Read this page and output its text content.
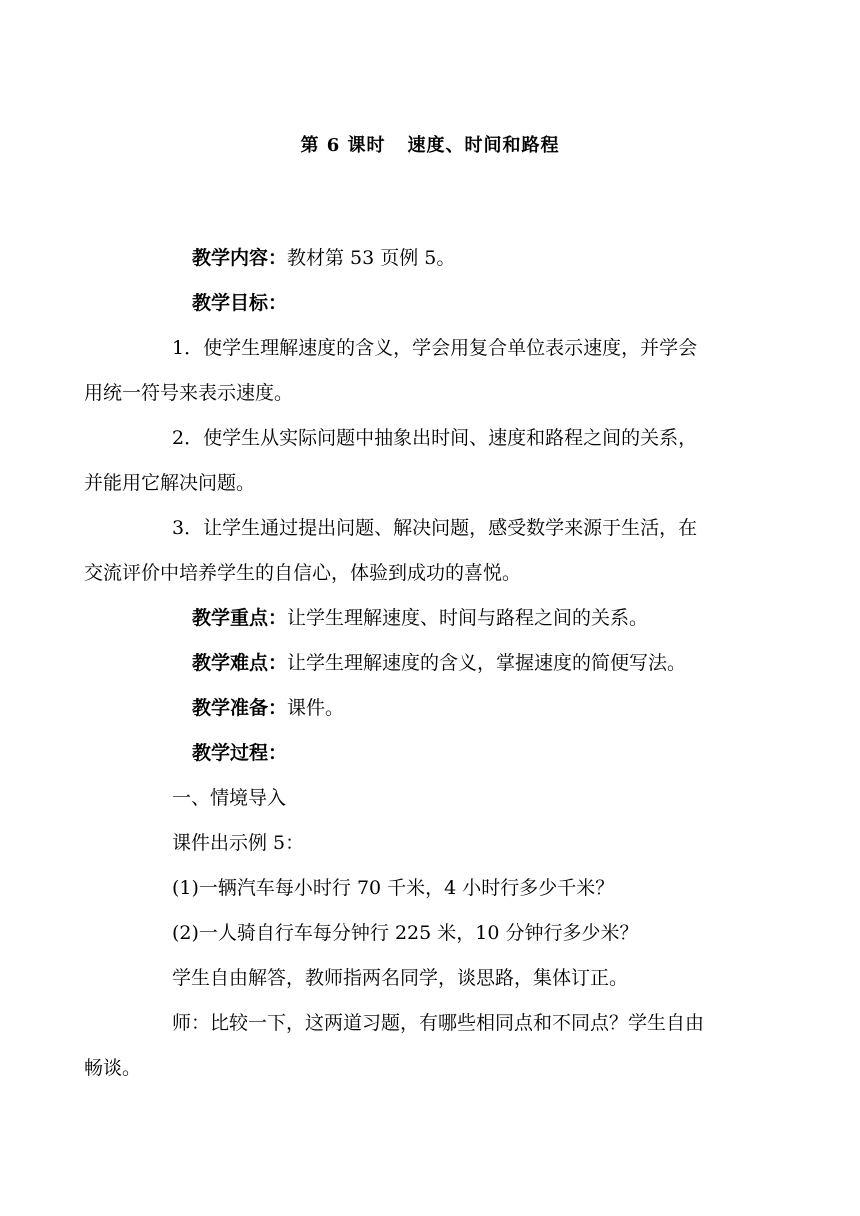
第 6 课时 速度、时间和路程

教学内容：教材第 53 页例 5。

教学目标：

1．使学生理解速度的含义，学会用复合单位表示速度，并学会
用统一符号来表示速度。

2．使学生从实际问题中抽象出时间、速度和路程之间的关系，
并能用它解决问题。

3．让学生通过提出问题、解决问题，感受数学来源于生活，在
交流评价中培养学生的自信心，体验到成功的喜悦。

教学重点：让学生理解速度、时间与路程之间的关系。

教学难点：让学生理解速度的含义，掌握速度的简便写法。

教学准备：课件。

教学过程：

一、情境导入

课件出示例 5：

(1)一辆汽车每小时行 70 千米，4 小时行多少千米？

(2)一人骑自行车每分钟行 225 米，10 分钟行多少米？

学生自由解答，教师指两名同学，谈思路，集体订正。

师：比较一下，这两道习题，有哪些相同点和不同点？学生自由
畅谈。
